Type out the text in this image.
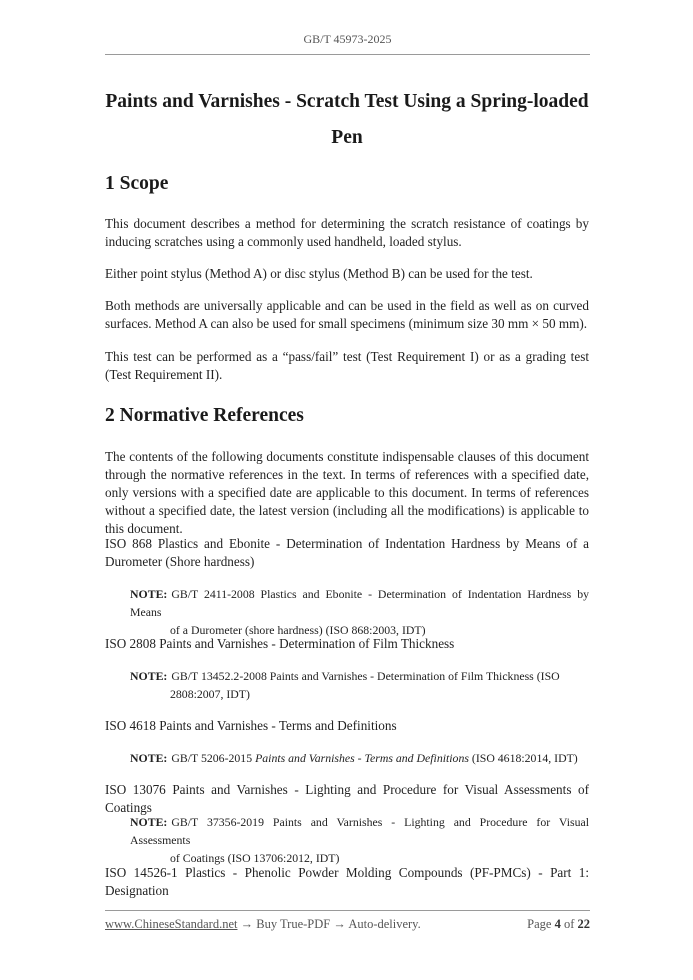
GB/T 45973-2025
Paints and Varnishes - Scratch Test Using a Spring-loaded
Pen
1 Scope

This document describes a method for determining the scratch resistance of coatings by inducing scratches using a commonly used handheld, loaded stylus.

Either point stylus (Method A) or disc stylus (Method B) can be used for the test.

Both methods are universally applicable and can be used in the field as well as on curved surfaces. Method A can also be used for small specimens (minimum size 30 mm × 50 mm).

This test can be performed as a “pass/fail” test (Test Requirement I) or as a grading test (Test Requirement II).

2 Normative References

The contents of the following documents constitute indispensable clauses of this document through the normative references in the text. In terms of references with a specified date, only versions with a specified date are applicable to this document. In terms of references without a specified date, the latest version (including all the modifications) is applicable to this document.

ISO 868 Plastics and Ebonite - Determination of Indentation Hardness by Means of a Durometer (Shore hardness)

NOTE: GB/T 2411-2008 Plastics and Ebonite - Determination of Indentation Hardness by Means
of a Durometer (shore hardness) (ISO 868:2003, IDT)

ISO 2808 Paints and Varnishes - Determination of Film Thickness

NOTE: GB/T 13452.2-2008 Paints and Varnishes - Determination of Film Thickness (ISO
2808:2007, IDT)

ISO 4618 Paints and Varnishes - Terms and Definitions

NOTE: GB/T 5206-2015 Paints and Varnishes - Terms and Definitions (ISO 4618:2014, IDT)

ISO 13076 Paints and Varnishes - Lighting and Procedure for Visual Assessments of Coatings

NOTE: GB/T 37356-2019 Paints and Varnishes - Lighting and Procedure for Visual Assessments
of Coatings (ISO 13706:2012, IDT)

ISO 14526-1 Plastics - Phenolic Powder Molding Compounds (PF-PMCs) - Part 1: Designation

www.ChineseStandard.net → Buy True-PDF → Auto-delivery.	Page 4 of 22
